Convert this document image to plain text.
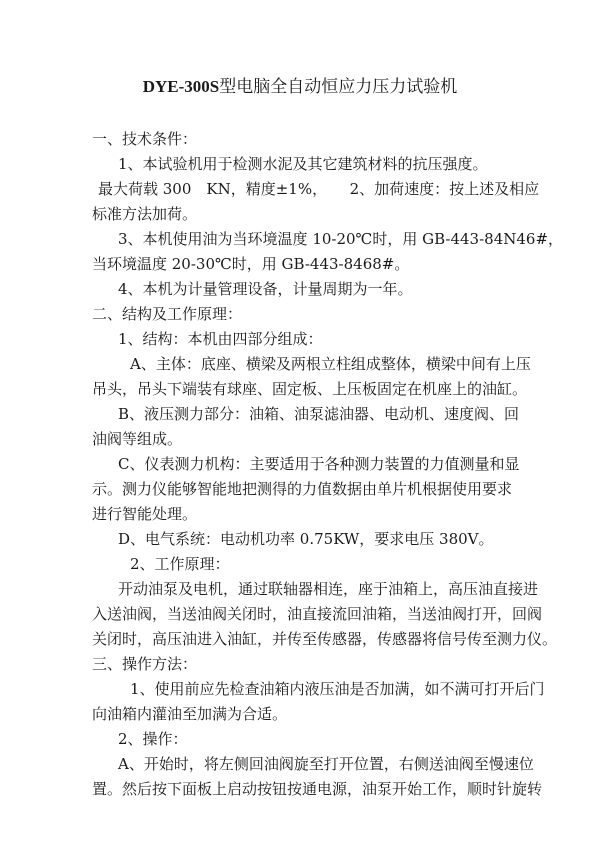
DYE-300S型电脑全自动恒应力压力试验机
一、技术条件：
1、本试验机用于检测水泥及其它建筑材料的抗压强度。
最大荷载 300　KN，精度±1%，　　2、加荷速度：按上述及相应
标准方法加荷。
3、本机使用油为当环境温度 10-20℃时，用 GB-443-84N46#，
当环境温度 20-30℃时，用 GB-443-8468#。
4、本机为计量管理设备，计量周期为一年。
二、结构及工作原理：
1、结构：本机由四部分组成：
A、主体：底座、横梁及两根立柱组成整体，横梁中间有上压
吊头，吊头下端装有球座、固定板、上压板固定在机座上的油缸。
B、液压测力部分：油箱、油泵滤油器、电动机、速度阀、回
油阀等组成。
C、仪表测力机构：主要适用于各种测力装置的力值测量和显
示。测力仪能够智能地把测得的力值数据由单片机根据使用要求
进行智能处理。
D、电气系统：电动机功率 0.75KW，要求电压 380V。
2、工作原理：
开动油泵及电机，通过联轴器相连，座于油箱上，高压油直接进
入送油阀，当送油阀关闭时，油直接流回油箱，当送油阀打开，回阀
关闭时，高压油进入油缸，并传至传感器，传感器将信号传至测力仪。
三、操作方法：
1、使用前应先检查油箱内液压油是否加满，如不满可打开后门
向油箱内灌油至加满为合适。
2、操作：
A、开始时，将左侧回油阀旋至打开位置，右侧送油阀至慢速位
置。然后按下面板上启动按钮按通电源，油泵开始工作，顺时针旋转
